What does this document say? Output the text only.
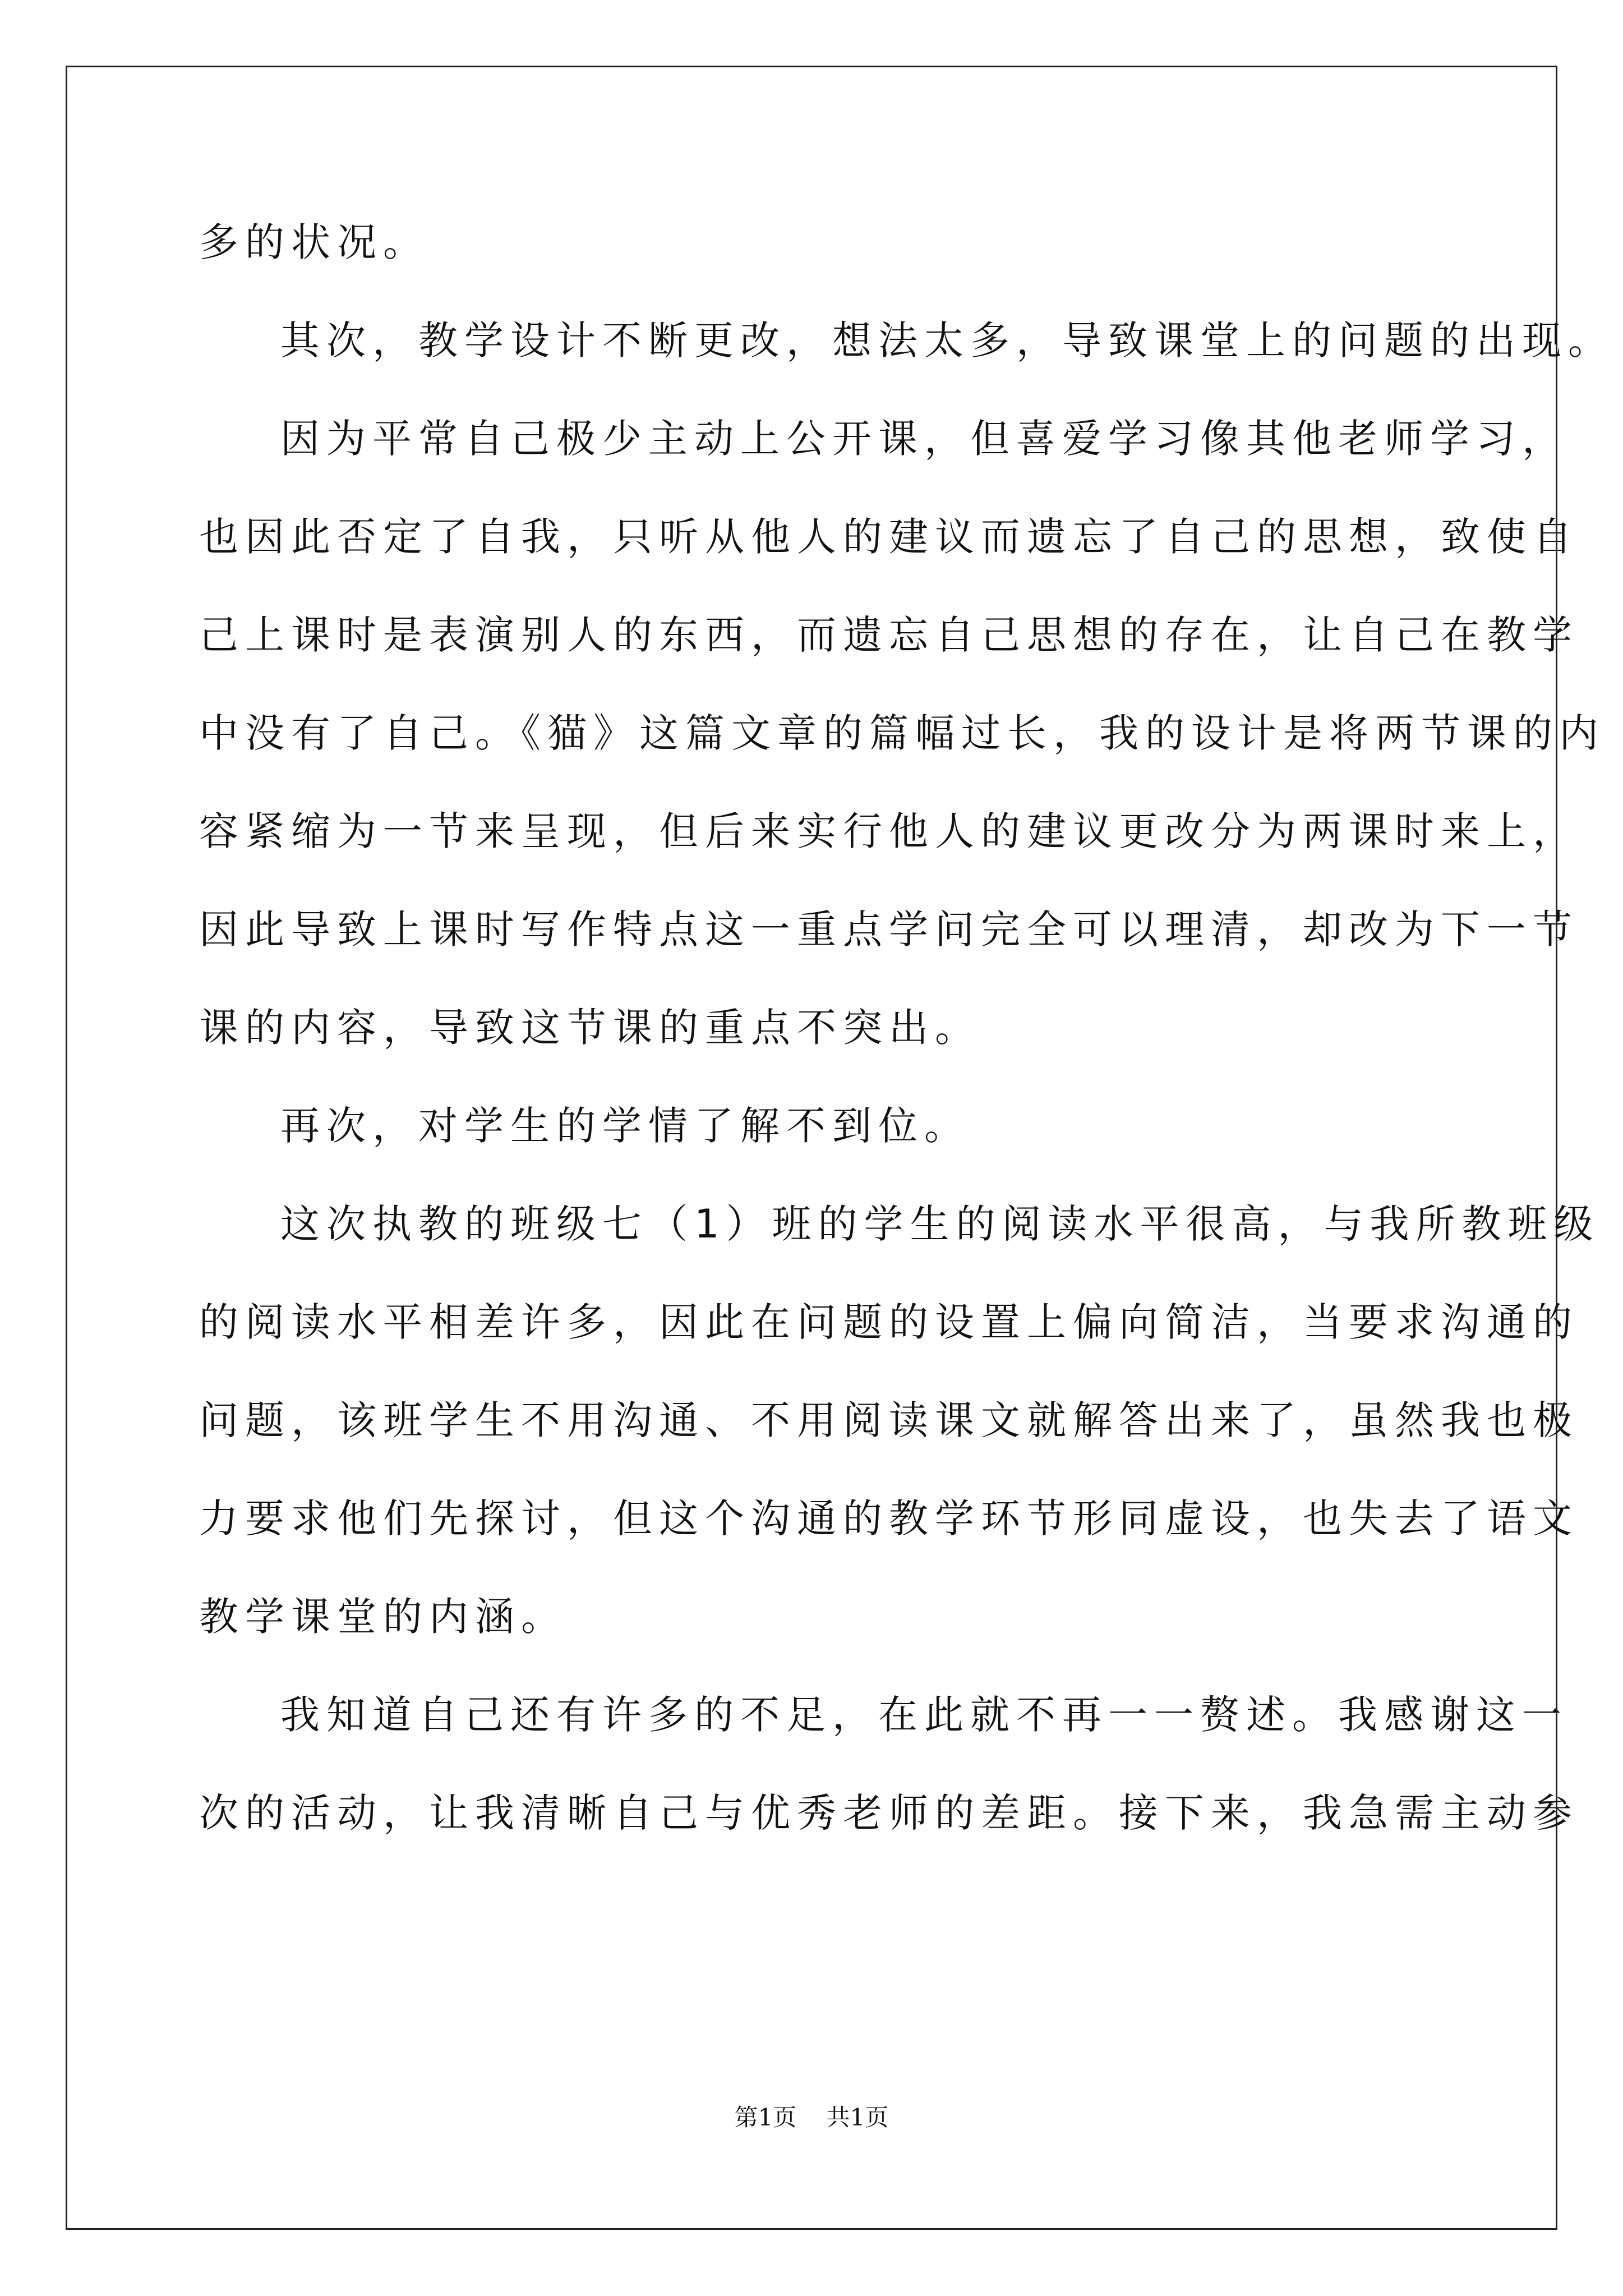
多的状况。
其次，教学设计不断更改，想法太多，导致课堂上的问题的出现。
因为平常自己极少主动上公开课，但喜爱学习像其他老师学习，
也因此否定了自我，只听从他人的建议而遗忘了自己的思想，致使自
己上课时是表演别人的东西，而遗忘自己思想的存在，让自己在教学
中没有了自己。《猫》这篇文章的篇幅过长，我的设计是将两节课的内
容紧缩为一节来呈现，但后来实行他人的建议更改分为两课时来上，
因此导致上课时写作特点这一重点学问完全可以理清，却改为下一节
课的内容，导致这节课的重点不突出。
再次，对学生的学情了解不到位。
这次执教的班级七（1）班的学生的阅读水平很高，与我所教班级
的阅读水平相差许多，因此在问题的设置上偏向简洁，当要求沟通的
问题，该班学生不用沟通、不用阅读课文就解答出来了，虽然我也极
力要求他们先探讨，但这个沟通的教学环节形同虚设，也失去了语文
教学课堂的内涵。
我知道自己还有许多的不足，在此就不再一一赘述。我感谢这一
次的活动，让我清晰自己与优秀老师的差距。接下来，我急需主动参
第1页 共1页
